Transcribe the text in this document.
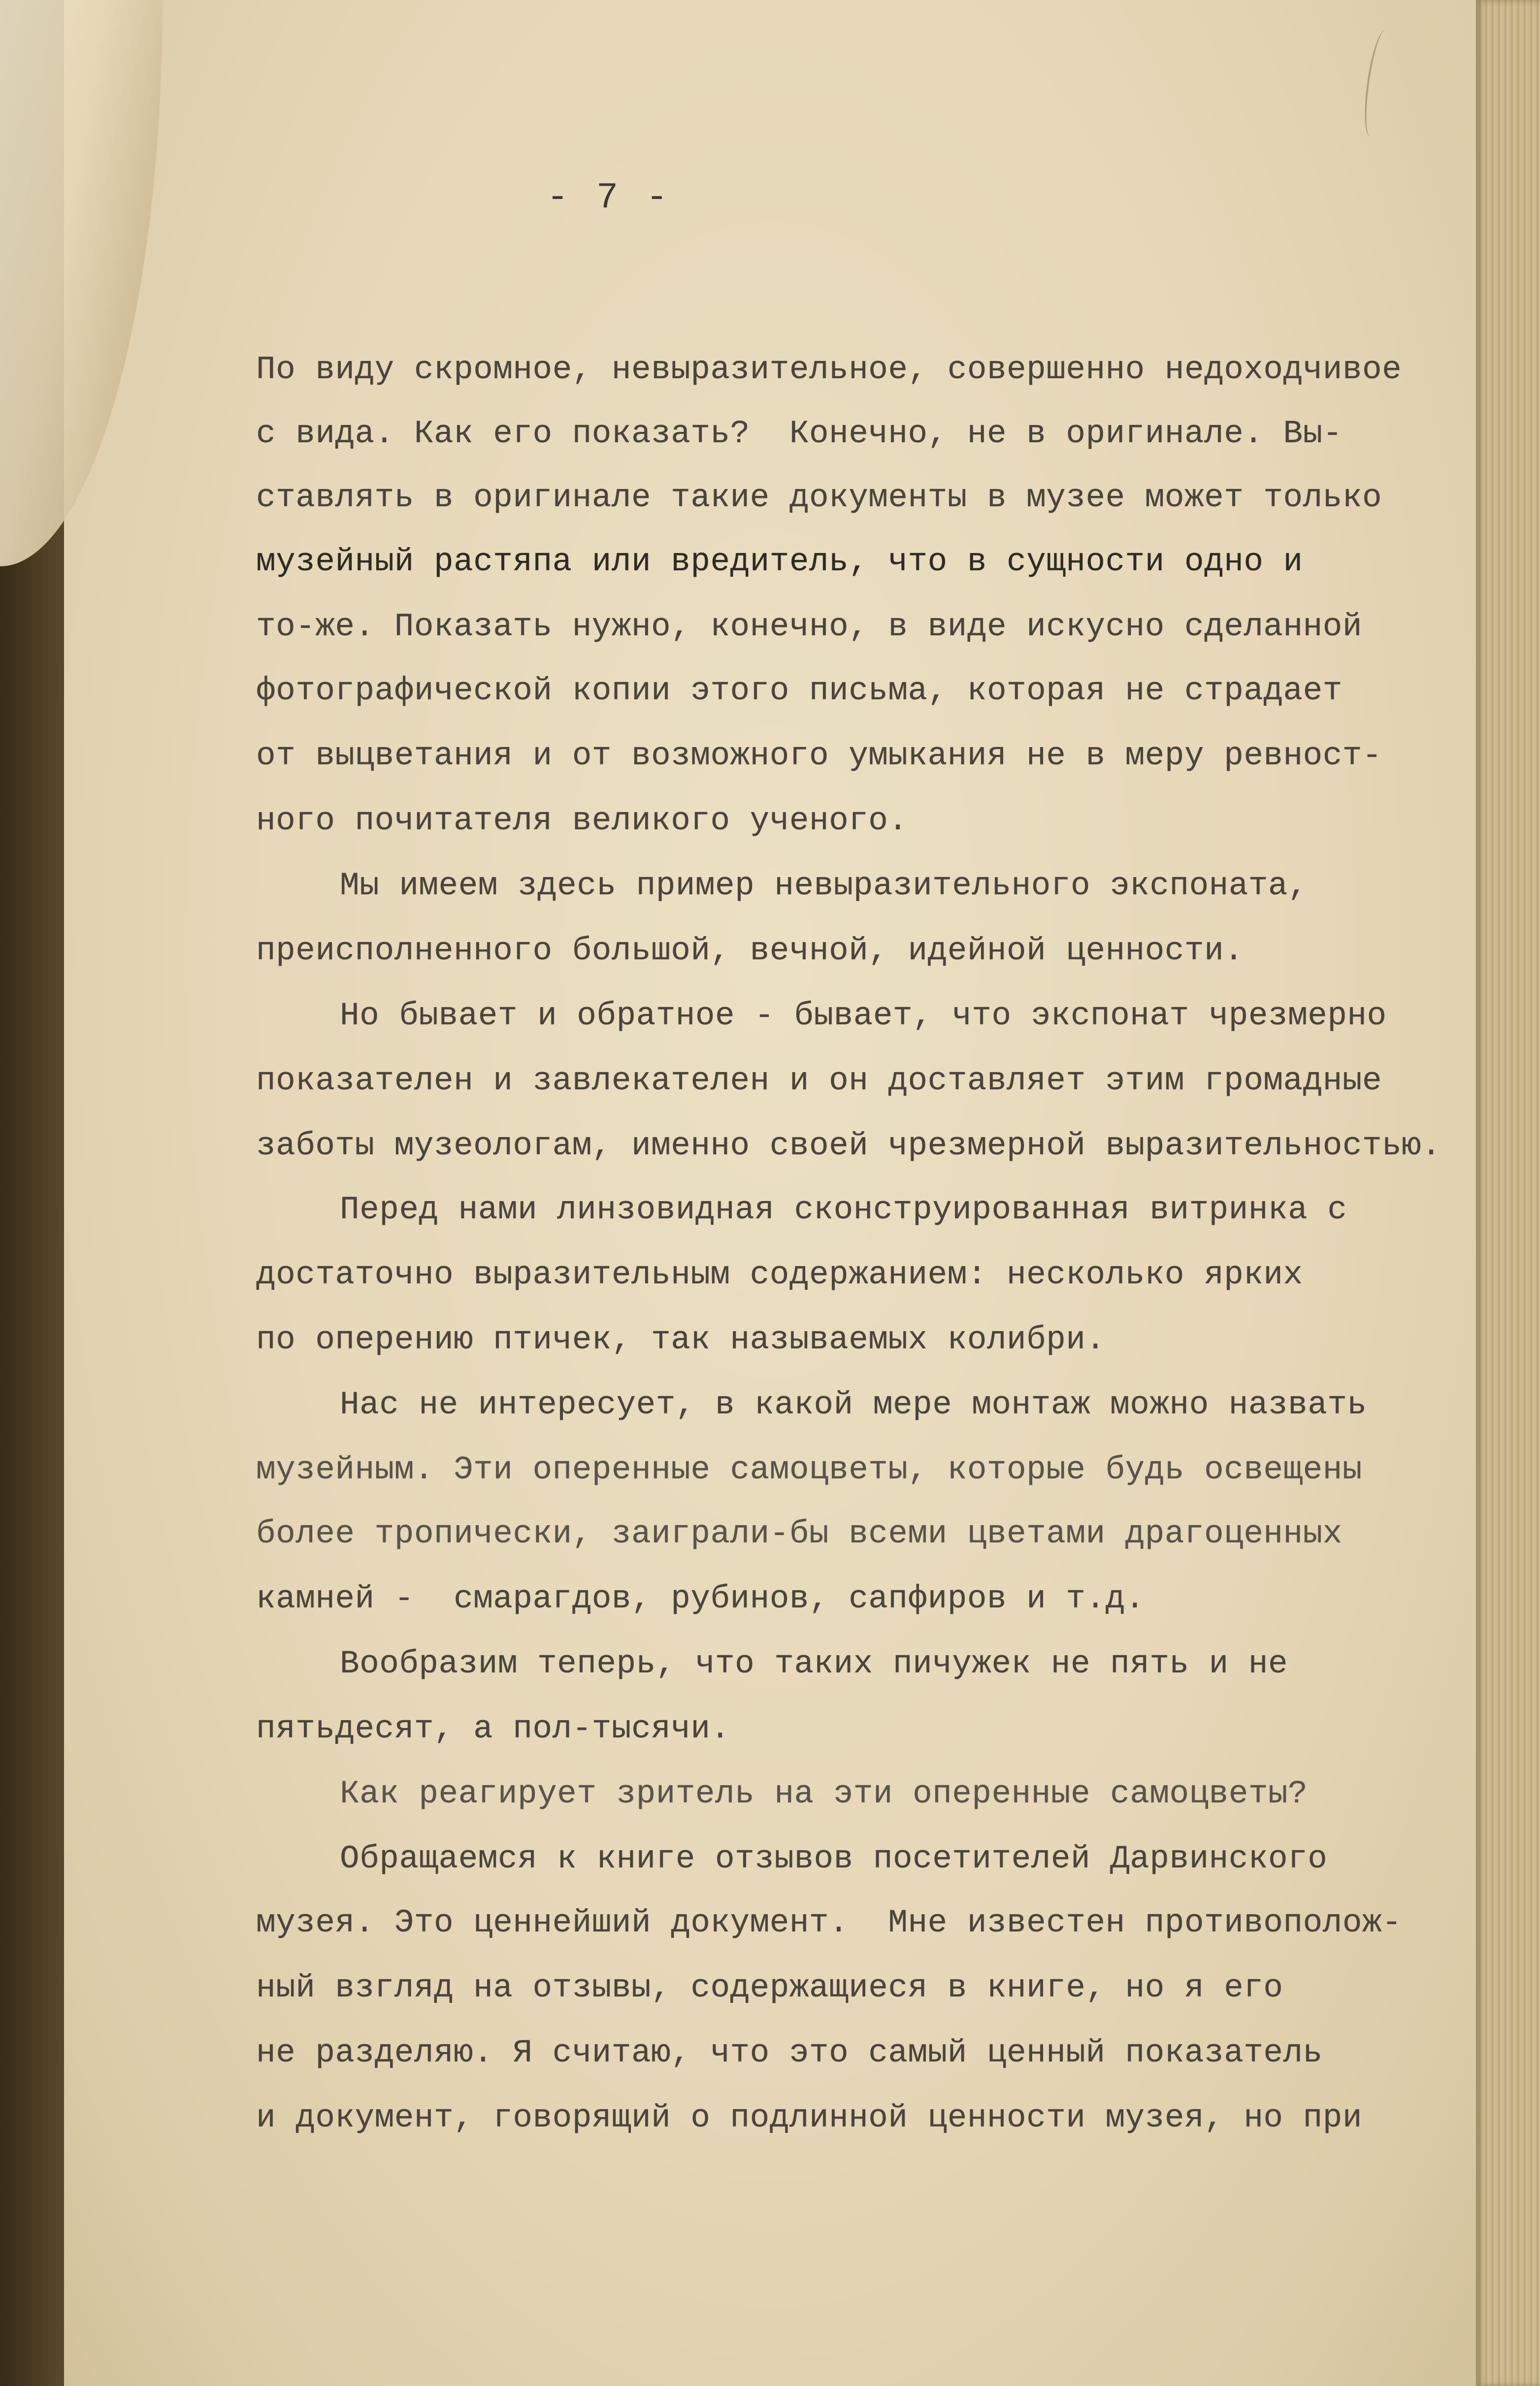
- 7 -
По виду скромное, невыразительное, совершенно недоходчивое
с вида. Как его показать?  Конечно, не в оригинале. Вы-
ставлять в оригинале такие документы в музее может только
музейный растяпа или вредитель, что в сущности одно и
то-же. Показать нужно, конечно, в виде искусно сделанной
фотографической копии этого письма, которая не страдает
от выцветания и от возможного умыкания не в меру ревност-
ного почитателя великого ученого.
Мы имеем здесь пример невыразительного экспоната,
преисполненного большой, вечной, идейной ценности.
Но бывает и обратное - бывает, что экспонат чрезмерно
показателен и завлекателен и он доставляет этим громадные
заботы музеологам, именно своей чрезмерной выразительностью.
Перед нами линзовидная сконструированная витринка с
достаточно выразительным содержанием: несколько ярких
по оперению птичек, так называемых колибри.
Нас не интересует, в какой мере монтаж можно назвать
музейным. Эти оперенные самоцветы, которые будь освещены
более тропически, заиграли-бы всеми цветами драгоценных
камней -  смарагдов, рубинов, сапфиров и т.д.
Вообразим теперь, что таких пичужек не пять и не
пятьдесят, а пол-тысячи.
Как реагирует зритель на эти оперенные самоцветы?
Обращаемся к книге отзывов посетителей Дарвинского
музея. Это ценнейший документ.  Мне известен противополож-
ный взгляд на отзывы, содержащиеся в книге, но я его
не разделяю. Я считаю, что это самый ценный показатель
и документ, говорящий о подлинной ценности музея, но при
